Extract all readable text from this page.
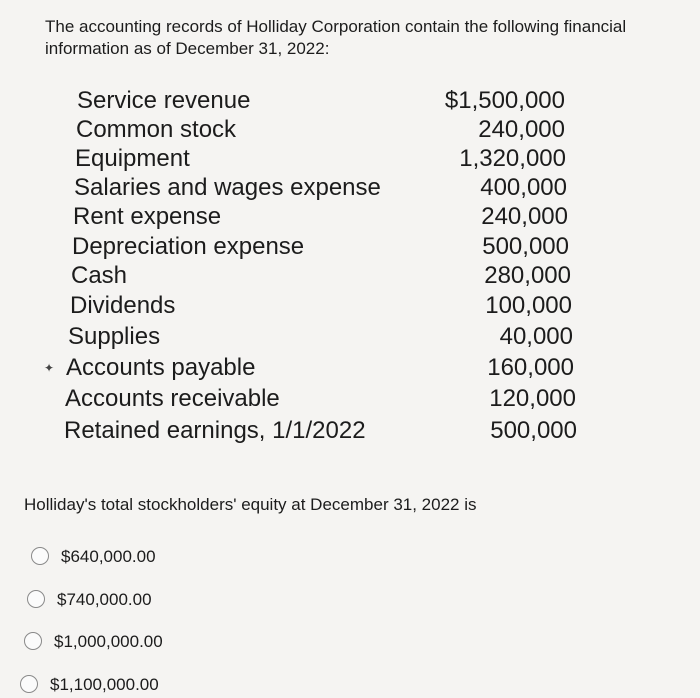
The accounting records of Holliday Corporation contain the following financial
information as of December 31, 2022:
Service revenue	$1,500,000
Common stock	240,000
Equipment	1,320,000
Salaries and wages expense	400,000
Rent expense	240,000
Depreciation expense	500,000
Cash	280,000
Dividends	100,000
Supplies	40,000
Accounts payable	160,000
Accounts receivable	120,000
Retained earnings, 1/1/2022	500,000
✦
Holliday's total stockholders' equity at December 31, 2022 is
$640,000.00
$740,000.00
$1,000,000.00
$1,100,000.00
